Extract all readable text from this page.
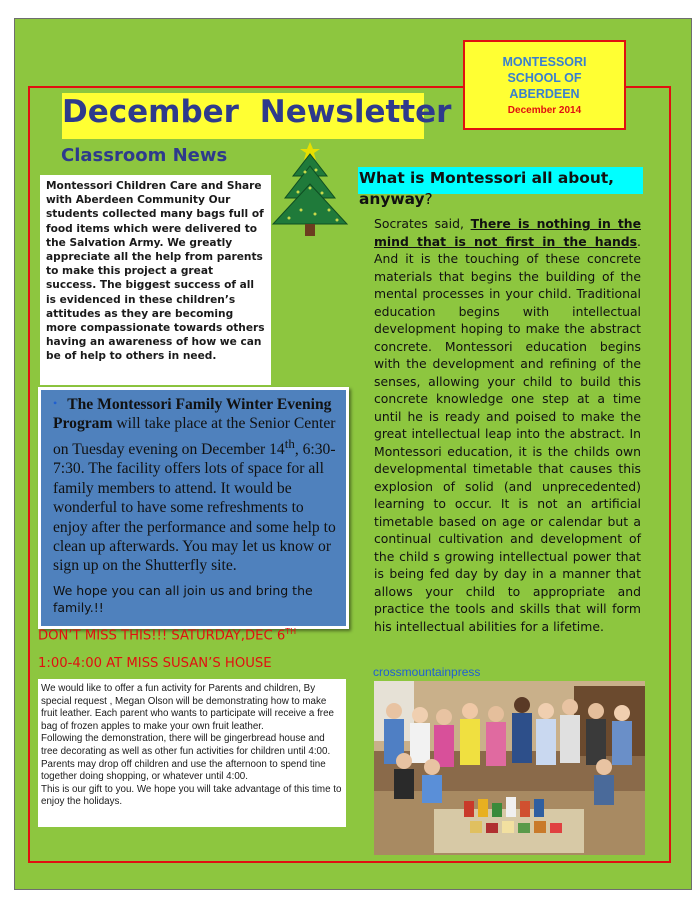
MONTESSORI SCHOOL OF ABERDEEN
December 2014
December Newsletter
Classroom News

Montessori Children Care and Share with Aberdeen Community Our students collected many bags full of food items which were delivered to the Salvation Army. We greatly appreciate all the help from parents to make this project a great success. The biggest success of all is evidenced in these children’s attitudes as they are becoming more compassionate towards others having an awareness of how we can be of help to others in need.

• The Montessori Family Winter Evening Program will take place at the Senior Center on Tuesday evening on December 14th, 6:30-7:30. The facility offers lots of space for all family members to attend. It would be wonderful to have some refreshments to enjoy after the performance and some help to clean up afterwards. You may let us know or sign up on the Shutterfly site.

We hope you can all join us and bring the family.!!

DON’T MISS THIS!!! SATURDAY,DEC 6TH
1:00-4:00 AT MISS SUSAN’S HOUSE

We would like to offer a fun activity for Parents and children, By special request , Megan Olson will be demonstrating how to make fruit leather. Each parent who wants to participate will receive a free bag of frozen apples to make your own fruit leather.

Following the demonstration, there will be gingerbread house and tree decorating as well as other fun activities for children until 4:00. Parents may drop off children and use the afternoon to spend tine together doing shopping, or whatever until 4:00.

This is our gift to you. We hope you will take advantage of this time to enjoy the holidays.

What is Montessori all about, anyway?

Socrates said, There is nothing in the mind that is not first in the hands. And it is the touching of these concrete materials that begins the building of the mental processes in your child. Traditional education begins with intellectual development hoping to make the abstract concrete. Montessori education begins with the development and refining of the senses, allowing your child to build this concrete knowledge one step at a time until he is ready and poised to make the great intellectual leap into the abstract. In Montessori education, it is the childs own developmental timetable that causes this explosion of solid (and unprecedented) learning to occur. It is not an artificial timetable based on age or calendar but a continual cultivation and development of the child s growing intellectual power that is being fed day by day in a manner that allows your child to appropriate and practice the tools and skills that will form his intellectual abilities for a lifetime.

crossmountainpress
